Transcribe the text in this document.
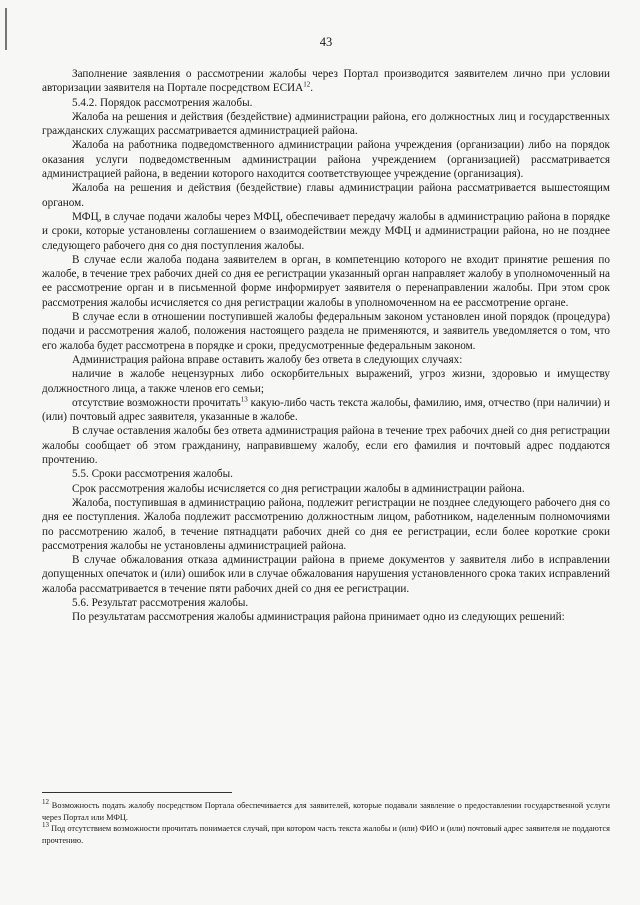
43

Заполнение заявления о рассмотрении жалобы через Портал производится заявителем лично при условии авторизации заявителя на Портале посредством ЕСИА$^{12}$.

5.4.2. Порядок рассмотрения жалобы.

Жалоба на решения и действия (бездействие) администрации района, его должностных лиц и государственных гражданских служащих рассматривается администрацией района.

Жалоба на работника подведомственного администрации района учреждения (организации) либо на порядок оказания услуги подведомственным администрации района учреждением (организацией) рассматривается администрацией района, в ведении которого находится соответствующее учреждение (организация).

Жалоба на решения и действия (бездействие) главы администрации района рассматривается вышестоящим органом.

МФЦ, в случае подачи жалобы через МФЦ, обеспечивает передачу жалобы в администрацию района в порядке и сроки, которые установлены соглашением о взаимодействии между МФЦ и администрации района, но не позднее следующего рабочего дня со дня поступления жалобы.

В случае если жалоба подана заявителем в орган, в компетенцию которого не входит принятие решения по жалобе, в течение трех рабочих дней со дня ее регистрации указанный орган направляет жалобу в уполномоченный на ее рассмотрение орган и в письменной форме информирует заявителя о перенаправлении жалобы. При этом срок рассмотрения жалобы исчисляется со дня регистрации жалобы в уполномоченном на ее рассмотрение органе.

В случае если в отношении поступившей жалобы федеральным законом установлен иной порядок (процедура) подачи и рассмотрения жалоб, положения настоящего раздела не применяются, и заявитель уведомляется о том, что его жалоба будет рассмотрена в порядке и сроки, предусмотренные федеральным законом.

Администрация района вправе оставить жалобу без ответа в следующих случаях:

наличие в жалобе нецензурных либо оскорбительных выражений, угроз жизни, здоровью и имуществу должностного лица, а также членов его семьи;

отсутствие возможности прочитать$^{13}$ какую-либо часть текста жалобы, фамилию, имя, отчество (при наличии) и (или) почтовый адрес заявителя, указанные в жалобе.

В случае оставления жалобы без ответа администрация района в течение трех рабочих дней со дня регистрации жалобы сообщает об этом гражданину, направившему жалобу, если его фамилия и почтовый адрес поддаются прочтению.

5.5. Сроки рассмотрения жалобы.

Срок рассмотрения жалобы исчисляется со дня регистрации жалобы в администрации района.

Жалоба, поступившая в администрацию района, подлежит регистрации не позднее следующего рабочего дня со дня ее поступления. Жалоба подлежит рассмотрению должностным лицом, работником, наделенным полномочиями по рассмотрению жалоб, в течение пятнадцати рабочих дней со дня ее регистрации, если более короткие сроки рассмотрения жалобы не установлены администрацией района.

В случае обжалования отказа администрации района в приеме документов у заявителя либо в исправлении допущенных опечаток и (или) ошибок или в случае обжалования нарушения установленного срока таких исправлений жалоба рассматривается в течение пяти рабочих дней со дня ее регистрации.

5.6. Результат рассмотрения жалобы.

По результатам рассмотрения жалобы администрация района принимает одно из следующих решений:

$^{12}$ Возможность подать жалобу посредством Портала обеспечивается для заявителей, которые подавали заявление о предоставлении государственной услуги через Портал или МФЦ.

$^{13}$ Под отсутствием возможности прочитать понимается случай, при котором часть текста жалобы и (или) ФИО и (или) почтовый адрес заявителя не поддаются прочтению.
